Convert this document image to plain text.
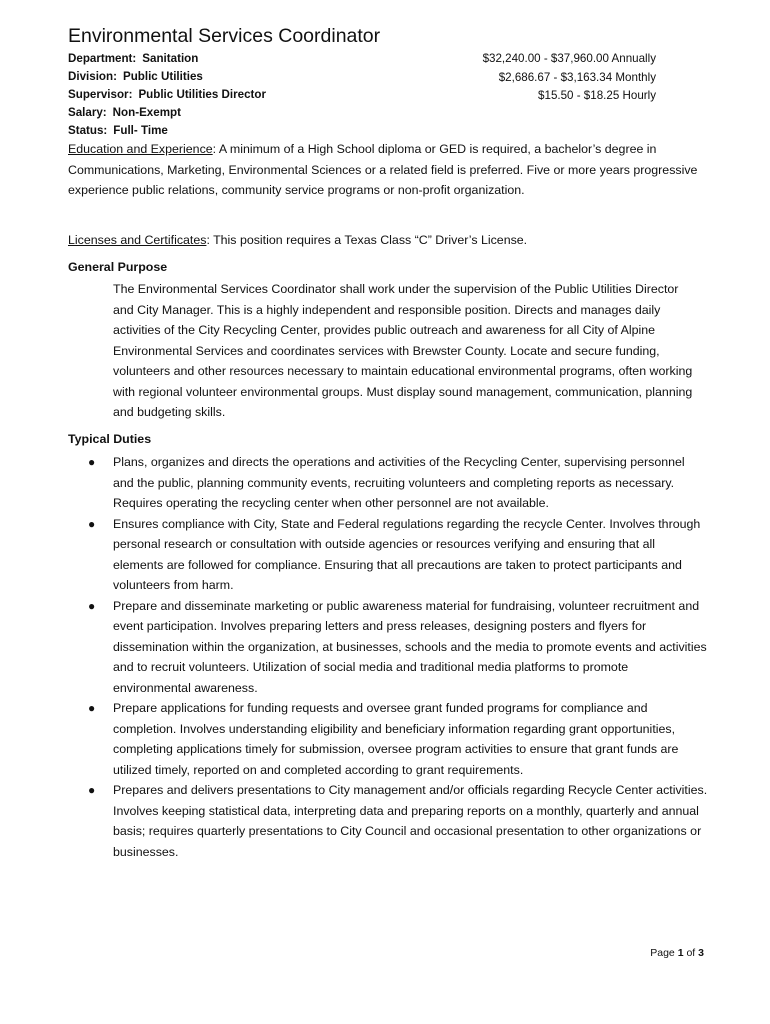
Environmental Services Coordinator
Department: Sanitation
Division: Public Utilities
Supervisor: Public Utilities Director
Salary: Non-Exempt
Status: Full- Time
$32,240.00 - $37,960.00 Annually
$2,686.67 - $3,163.34 Monthly
$15.50 - $18.25 Hourly
Education and Experience: A minimum of a High School diploma or GED is required, a bachelor’s degree in Communications, Marketing, Environmental Sciences or a related field is preferred. Five or more years progressive experience public relations, community service programs or non-profit organization.
Licenses and Certificates: This position requires a Texas Class “C” Driver’s License.
General Purpose
The Environmental Services Coordinator shall work under the supervision of the Public Utilities Director and City Manager. This is a highly independent and responsible position. Directs and manages daily activities of the City Recycling Center, provides public outreach and awareness for all City of Alpine Environmental Services and coordinates services with Brewster County. Locate and secure funding, volunteers and other resources necessary to maintain educational environmental programs, often working with regional volunteer environmental groups. Must display sound management, communication, planning and budgeting skills.
Typical Duties
● Plans, organizes and directs the operations and activities of the Recycling Center, supervising personnel and the public, planning community events, recruiting volunteers and completing reports as necessary. Requires operating the recycling center when other personnel are not available.
● Ensures compliance with City, State and Federal regulations regarding the recycle Center. Involves through personal research or consultation with outside agencies or resources verifying and ensuring that all elements are followed for compliance. Ensuring that all precautions are taken to protect participants and volunteers from harm.
● Prepare and disseminate marketing or public awareness material for fundraising, volunteer recruitment and event participation. Involves preparing letters and press releases, designing posters and flyers for dissemination within the organization, at businesses, schools and the media to promote events and activities and to recruit volunteers. Utilization of social media and traditional media platforms to promote environmental awareness.
● Prepare applications for funding requests and oversee grant funded programs for compliance and completion. Involves understanding eligibility and beneficiary information regarding grant opportunities, completing applications timely for submission, oversee program activities to ensure that grant funds are utilized timely, reported on and completed according to grant requirements.
● Prepares and delivers presentations to City management and/or officials regarding Recycle Center activities. Involves keeping statistical data, interpreting data and preparing reports on a monthly, quarterly and annual basis; requires quarterly presentations to City Council and occasional presentation to other organizations or businesses.
Page 1 of 3
